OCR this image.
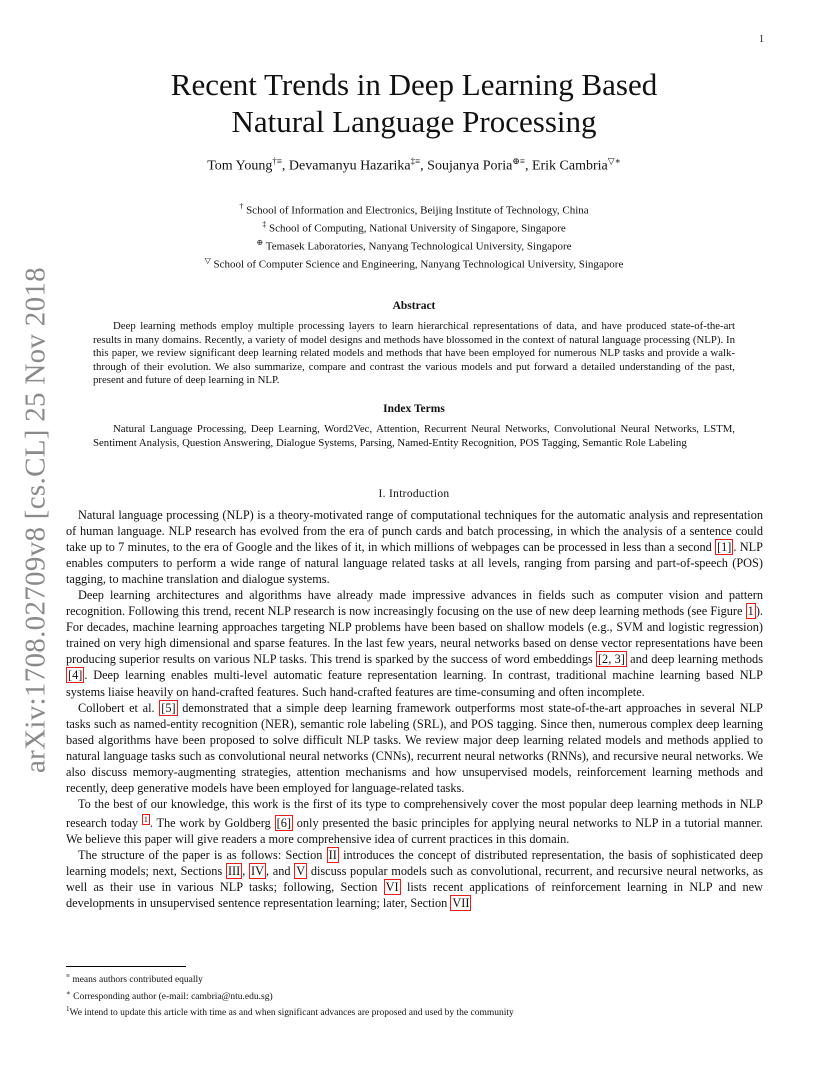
1
arXiv:1708.02709v8 [cs.CL] 25 Nov 2018
Recent Trends in Deep Learning Based
Natural Language Processing
Tom Young†≡, Devamanyu Hazarika‡≡, Soujanya Poria⊕≡, Erik Cambria▽∗
† School of Information and Electronics, Beijing Institute of Technology, China
‡ School of Computing, National University of Singapore, Singapore
⊕ Temasek Laboratories, Nanyang Technological University, Singapore
▽ School of Computer Science and Engineering, Nanyang Technological University, Singapore
Abstract
Deep learning methods employ multiple processing layers to learn hierarchical representations of data, and have produced state-of-the-art results in many domains. Recently, a variety of model designs and methods have blossomed in the context of natural language processing (NLP). In this paper, we review significant deep learning related models and methods that have been employed for numerous NLP tasks and provide a walk-through of their evolution. We also summarize, compare and contrast the various models and put forward a detailed understanding of the past, present and future of deep learning in NLP.
Index Terms
Natural Language Processing, Deep Learning, Word2Vec, Attention, Recurrent Neural Networks, Convolutional Neural Networks, LSTM, Sentiment Analysis, Question Answering, Dialogue Systems, Parsing, Named-Entity Recognition, POS Tagging, Semantic Role Labeling
I. Introduction

Natural language processing (NLP) is a theory-motivated range of computational techniques for the automatic analysis and representation of human language. NLP research has evolved from the era of punch cards and batch processing, in which the analysis of a sentence could take up to 7 minutes, to the era of Google and the likes of it, in which millions of webpages can be processed in less than a second [1] . NLP enables computers to perform a wide range of natural language related tasks at all levels, ranging from parsing and part-of-speech (POS) tagging, to machine translation and dialogue systems.

Deep learning architectures and algorithms have already made impressive advances in fields such as computer vision and pattern recognition. Following this trend, recent NLP research is now increasingly focusing on the use of new deep learning methods (see Figure 1 ). For decades, machine learning approaches targeting NLP problems have been based on shallow models (e.g., SVM and logistic regression) trained on very high dimensional and sparse features. In the last few years, neural networks based on dense vector representations have been producing superior results on various NLP tasks. This trend is sparked by the success of word embeddings [2, 3] and deep learning methods [4] . Deep learning enables multi-level automatic feature representation learning. In contrast, traditional machine learning based NLP systems liaise heavily on hand-crafted features. Such hand-crafted features are time-consuming and often incomplete.

Collobert et al. [5] demonstrated that a simple deep learning framework outperforms most state-of-the-art approaches in several NLP tasks such as named-entity recognition (NER), semantic role labeling (SRL), and POS tagging. Since then, numerous complex deep learning based algorithms have been proposed to solve difficult NLP tasks. We review major deep learning related models and methods applied to natural language tasks such as convolutional neural networks (CNNs), recurrent neural networks (RNNs), and recursive neural networks. We also discuss memory-augmenting strategies, attention mechanisms and how unsupervised models, reinforcement learning methods and recently, deep generative models have been employed for language-related tasks.

To the best of our knowledge, this work is the first of its type to comprehensively cover the most popular deep learning methods in NLP research today $^1$ . The work by Goldberg [6] only presented the basic principles for applying neural networks to NLP in a tutorial manner. We believe this paper will give readers a more comprehensive idea of current practices in this domain.

The structure of the paper is as follows: Section II introduces the concept of distributed representation, the basis of sophisticated deep learning models; next, Sections III , IV , and V discuss popular models such as convolutional, recurrent, and recursive neural networks, as well as their use in various NLP tasks; following, Section VI lists recent applications of reinforcement learning in NLP and new developments in unsupervised sentence representation learning; later, Section VII

≡ means authors contributed equally
∗ Corresponding author (e-mail: cambria@ntu.edu.sg)
$^1$We intend to update this article with time as and when significant advances are proposed and used by the community
